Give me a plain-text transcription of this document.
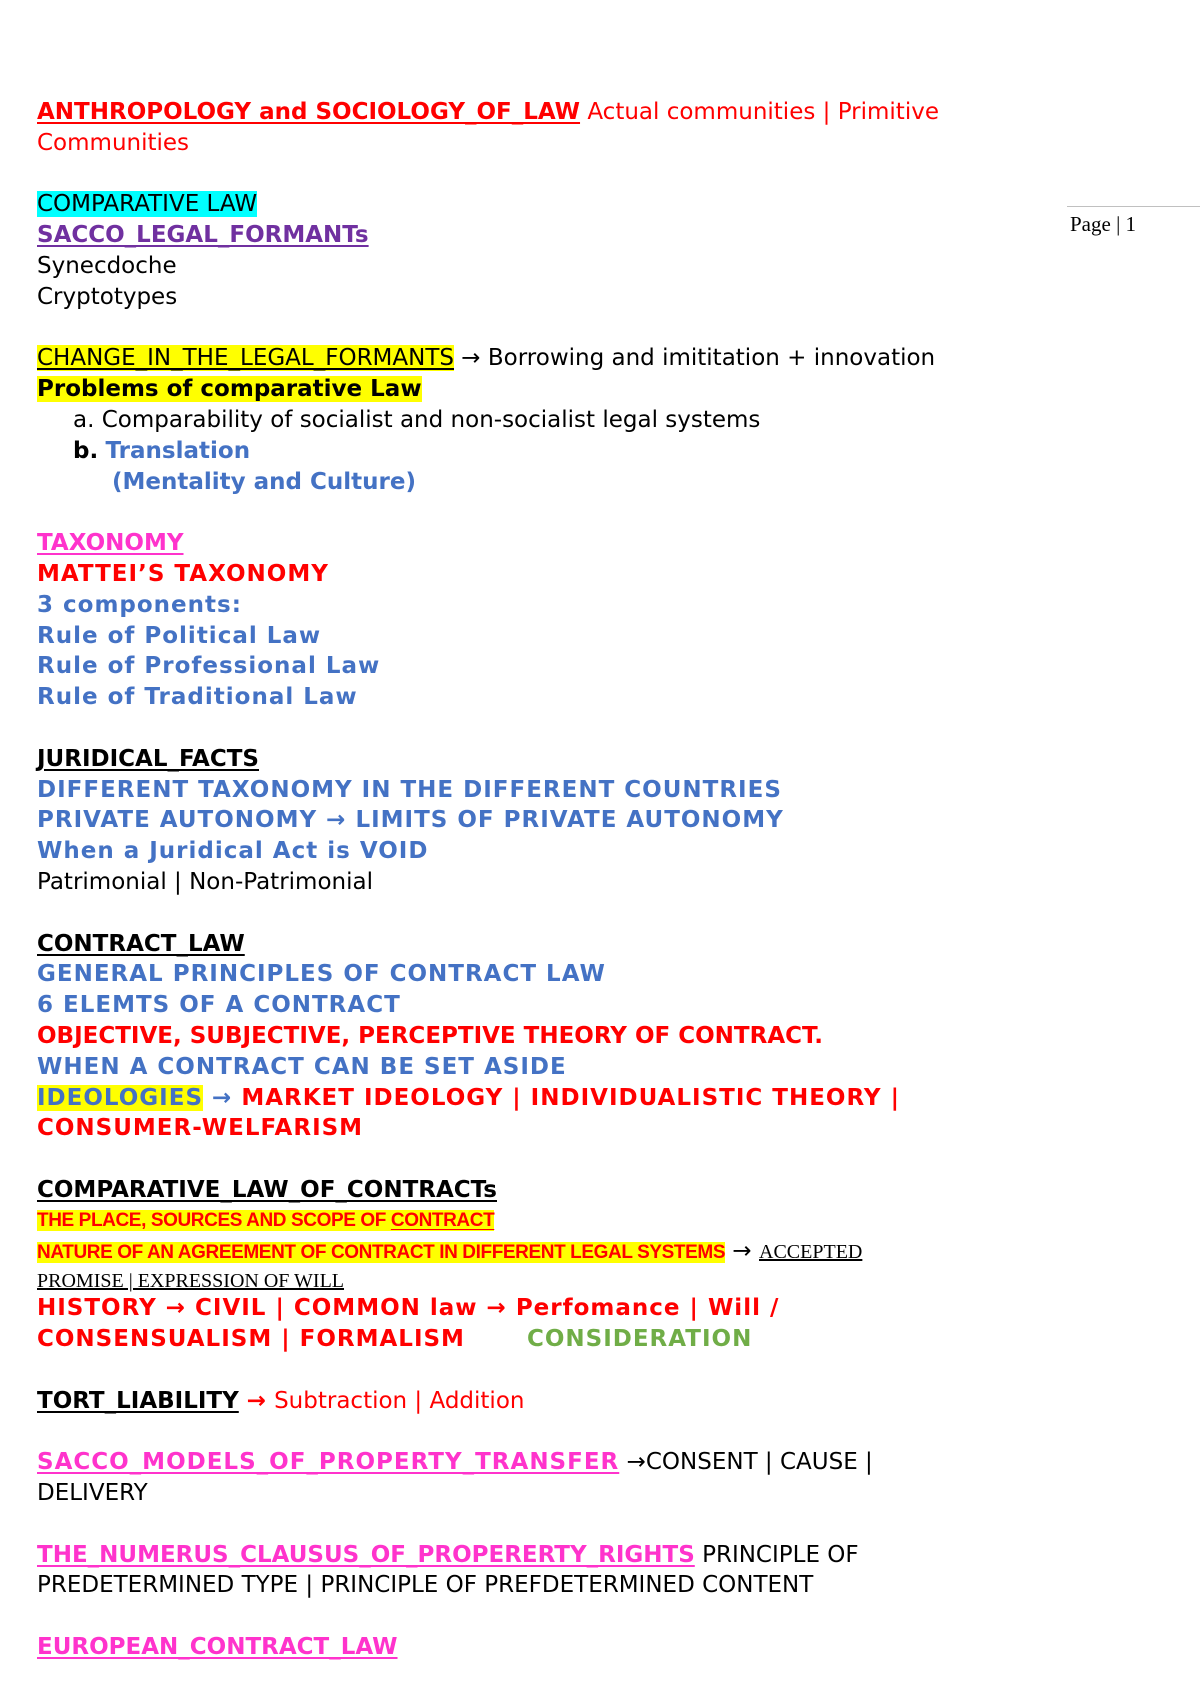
Page | 1
ANTHROPOLOGY and SOCIOLOGY_OF_LAW Actual communities | Primitive
Communities
COMPARATIVE LAW
SACCO_LEGAL_FORMANTs
Synecdoche
Cryptotypes
CHANGE_IN_THE_LEGAL_FORMANTS → Borrowing and imititation + innovation
Problems of comparative Law
a. Comparability of socialist and non-socialist legal systems
b. Translation
(Mentality and Culture)
TAXONOMY
MATTEI’S TAXONOMY
3 components:
Rule of Political Law
Rule of Professional Law
Rule of Traditional Law
JURIDICAL_FACTS
DIFFERENT TAXONOMY IN THE DIFFERENT COUNTRIES
PRIVATE AUTONOMY → LIMITS OF PRIVATE AUTONOMY
When a Juridical Act is VOID
Patrimonial | Non-Patrimonial
CONTRACT_LAW
GENERAL PRINCIPLES OF CONTRACT LAW
6 ELEMTS OF A CONTRACT
OBJECTIVE, SUBJECTIVE, PERCEPTIVE THEORY OF CONTRACT.
WHEN A CONTRACT CAN BE SET ASIDE
IDEOLOGIES → MARKET IDEOLOGY | INDIVIDUALISTIC THEORY |
CONSUMER-WELFARISM
COMPARATIVE_LAW_OF_CONTRACTs
THE PLACE, SOURCES AND SCOPE OF CONTRACT
NATURE OF AN AGREEMENT OF CONTRACT IN DIFFERENT LEGAL SYSTEMS → ACCEPTED
PROMISE | EXPRESSION OF WILL
HISTORY → CIVIL | COMMON law → Perfomance | Will /
CONSENSUALISM | FORMALISM	CONSIDERATION
TORT_LIABILITY → Subtraction | Addition
SACCO_MODELS_OF_PROPERTY_TRANSFER →CONSENT | CAUSE |
DELIVERY
THE_NUMERUS_CLAUSUS_OF_PROPERERTY_RIGHTS PRINCIPLE OF
PREDETERMINED TYPE | PRINCIPLE OF PREFDETERMINED CONTENT
EUROPEAN_CONTRACT_LAW
